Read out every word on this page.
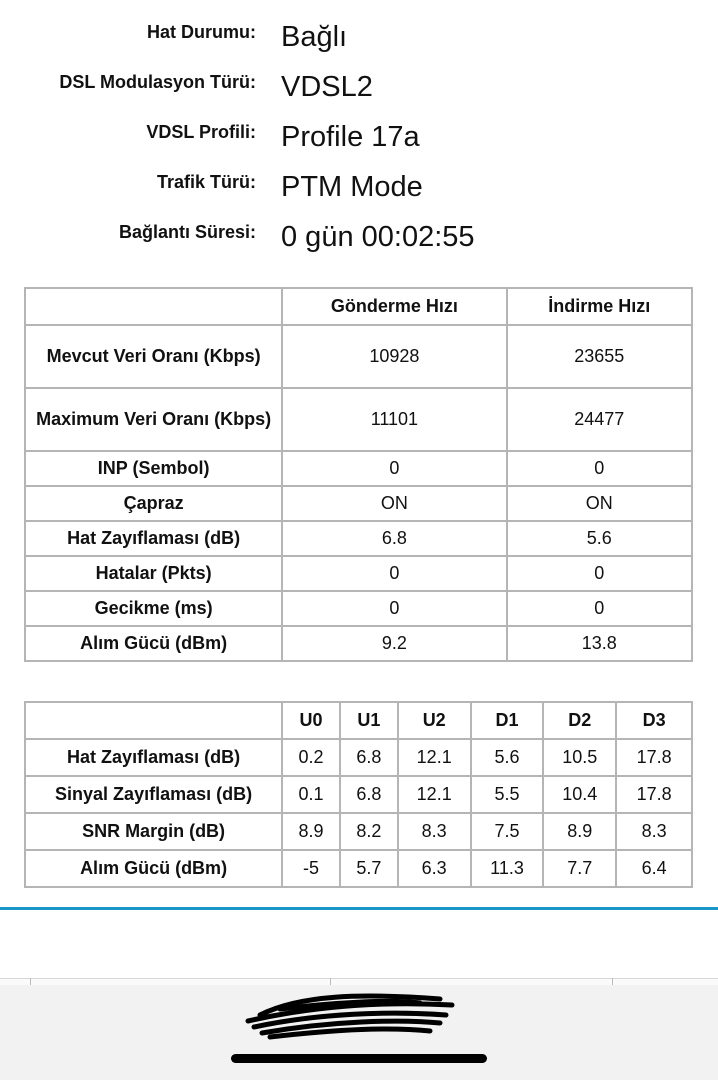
Hat Durumu: Bağlı
DSL Modulasyon Türü: VDSL2
VDSL Profili: Profile 17a
Trafik Türü: PTM Mode
Bağlantı Süresi: 0 gün 00:02:55
	Gönderme Hızı	İndirme Hızı
Mevcut Veri Oranı (Kbps)	10928	23655
Maximum Veri Oranı (Kbps)	11101	24477
INP (Sembol)	0	0
Çapraz	ON	ON
Hat Zayıflaması (dB)	6.8	5.6
Hatalar (Pkts)	0	0
Gecikme (ms)	0	0
Alım Gücü (dBm)	9.2	13.8
	U0	U1	U2	D1	D2	D3
Hat Zayıflaması (dB)	0.2	6.8	12.1	5.6	10.5	17.8
Sinyal Zayıflaması (dB)	0.1	6.8	12.1	5.5	10.4	17.8
SNR Margin (dB)	8.9	8.2	8.3	7.5	8.9	8.3
Alım Gücü (dBm)	-5	5.7	6.3	11.3	7.7	6.4
